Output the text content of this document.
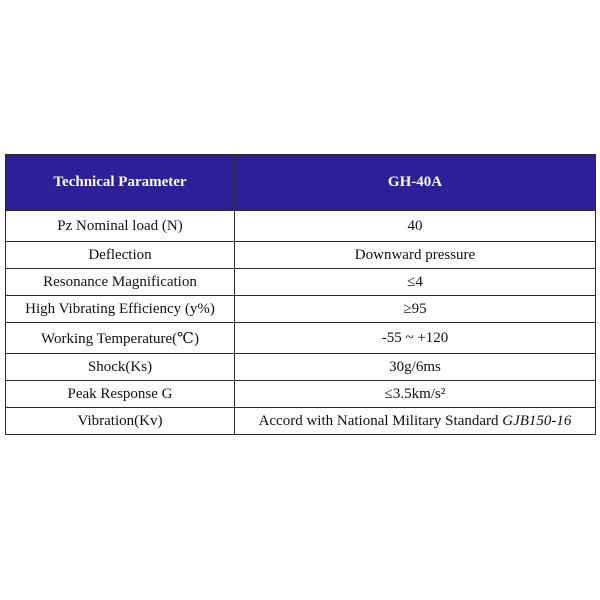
Technical Parameter	GH-40A
Pz Nominal load (N)	40
Deflection	Downward pressure
Resonance Magnification	≤4
High Vibrating Efficiency (y%)	≥95
Working Temperature(℃)	-55 ~ +120
Shock(Ks)	30g/6ms
Peak Response G	≤3.5km/s²
Vibration(Kv)	Accord with National Military Standard GJB150-16
